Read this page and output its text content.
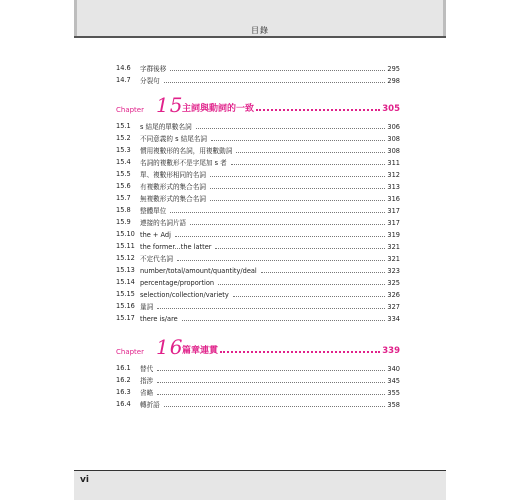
目錄
14.6	字群後移	295
14.7	分裂句	298
Chapter 15
主詞與動詞的一致	305
15.1	s 結尾的單數名詞	306
15.2	不同意義的 s 結尾名詞	308
15.3	慣用複數形的名詞，用複數動詞	308
15.4	名詞的複數形不是字尾加 s 者	311
15.5	單、複數形相同的名詞	312
15.6	有複數形式的集合名詞	313
15.7	無複數形式的集合名詞	316
15.8	整體單位	317
15.9	連接的名詞片語	317
15.10 the + Adj	319
15.11 the former...the latter	321
15.12 不定代名詞	321
15.13 number/total/amount/quantity/deal	323
15.14 percentage/proportion	325
15.15 selection/collection/variety	326
15.16 量詞	327
15.17 there is/are	334
Chapter 16
篇章連貫	339
16.1	替代	340
16.2	指涉	345
16.3	省略	355
16.4	轉折語	358
vi
